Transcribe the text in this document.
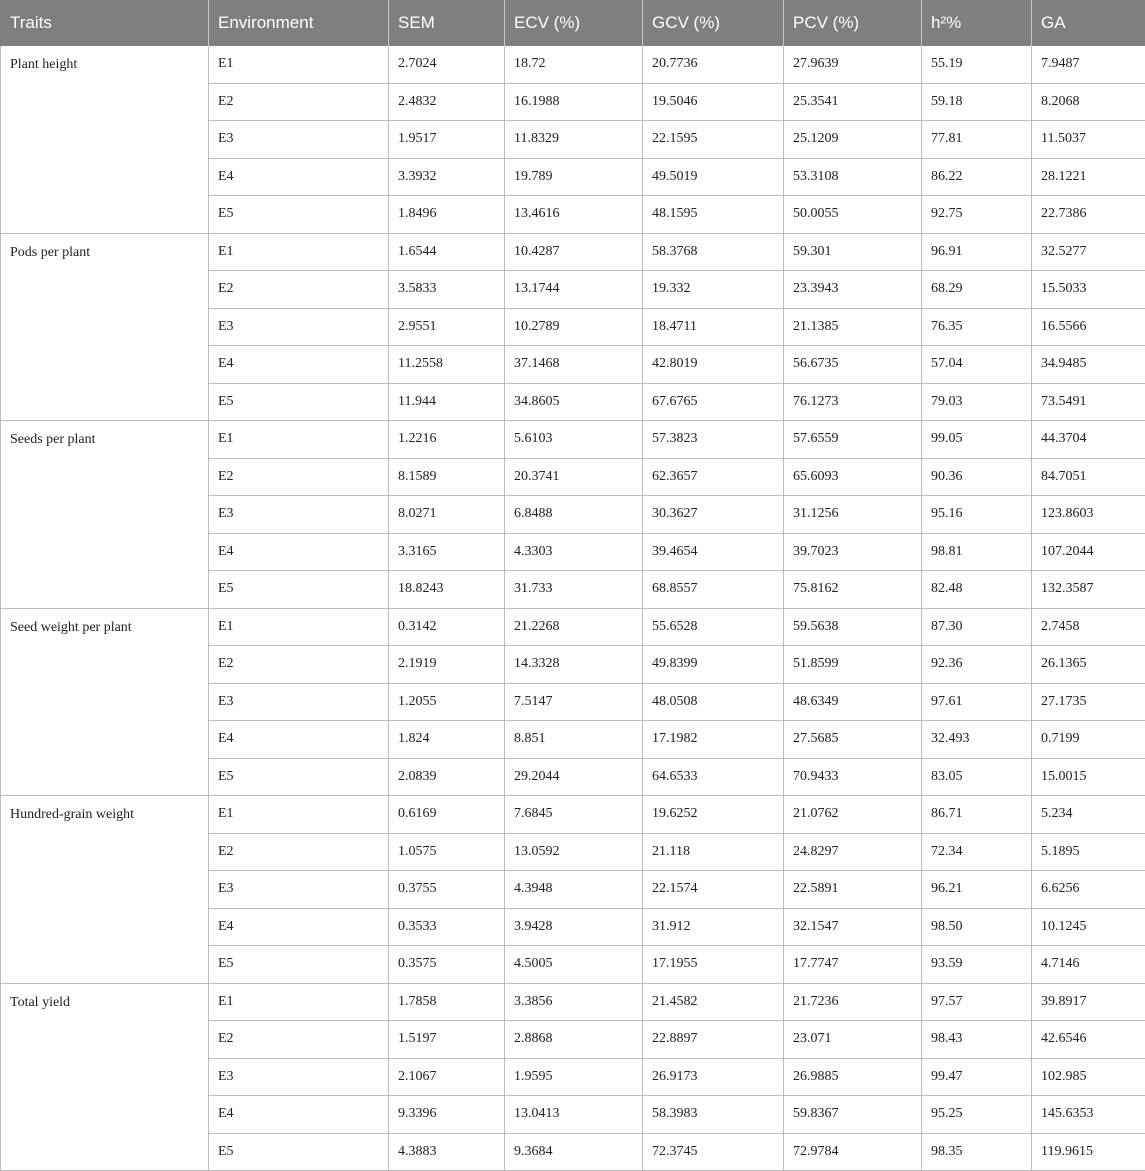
Traits	Environment	SEM	ECV (%)	GCV (%)	PCV (%)	h²%	GA
Plant height	E1	2.7024	18.72	20.7736	27.9639	55.19	7.9487
	E2	2.4832	16.1988	19.5046	25.3541	59.18	8.2068
	E3	1.9517	11.8329	22.1595	25.1209	77.81	11.5037
	E4	3.3932	19.789	49.5019	53.3108	86.22	28.1221
	E5	1.8496	13.4616	48.1595	50.0055	92.75	22.7386
Pods per plant	E1	1.6544	10.4287	58.3768	59.301	96.91	32.5277
	E2	3.5833	13.1744	19.332	23.3943	68.29	15.5033
	E3	2.9551	10.2789	18.4711	21.1385	76.35	16.5566
	E4	11.2558	37.1468	42.8019	56.6735	57.04	34.9485
	E5	11.944	34.8605	67.6765	76.1273	79.03	73.5491
Seeds per plant	E1	1.2216	5.6103	57.3823	57.6559	99.05	44.3704
	E2	8.1589	20.3741	62.3657	65.6093	90.36	84.7051
	E3	8.0271	6.8488	30.3627	31.1256	95.16	123.8603
	E4	3.3165	4.3303	39.4654	39.7023	98.81	107.2044
	E5	18.8243	31.733	68.8557	75.8162	82.48	132.3587
Seed weight per plant	E1	0.3142	21.2268	55.6528	59.5638	87.30	2.7458
	E2	2.1919	14.3328	49.8399	51.8599	92.36	26.1365
	E3	1.2055	7.5147	48.0508	48.6349	97.61	27.1735
	E4	1.824	8.851	17.1982	27.5685	32.493	0.7199
	E5	2.0839	29.2044	64.6533	70.9433	83.05	15.0015
Hundred-grain weight	E1	0.6169	7.6845	19.6252	21.0762	86.71	5.234
	E2	1.0575	13.0592	21.118	24.8297	72.34	5.1895
	E3	0.3755	4.3948	22.1574	22.5891	96.21	6.6256
	E4	0.3533	3.9428	31.912	32.1547	98.50	10.1245
	E5	0.3575	4.5005	17.1955	17.7747	93.59	4.7146
Total yield	E1	1.7858	3.3856	21.4582	21.7236	97.57	39.8917
	E2	1.5197	2.8868	22.8897	23.071	98.43	42.6546
	E3	2.1067	1.9595	26.9173	26.9885	99.47	102.985
	E4	9.3396	13.0413	58.3983	59.8367	95.25	145.6353
	E5	4.3883	9.3684	72.3745	72.9784	98.35	119.9615
